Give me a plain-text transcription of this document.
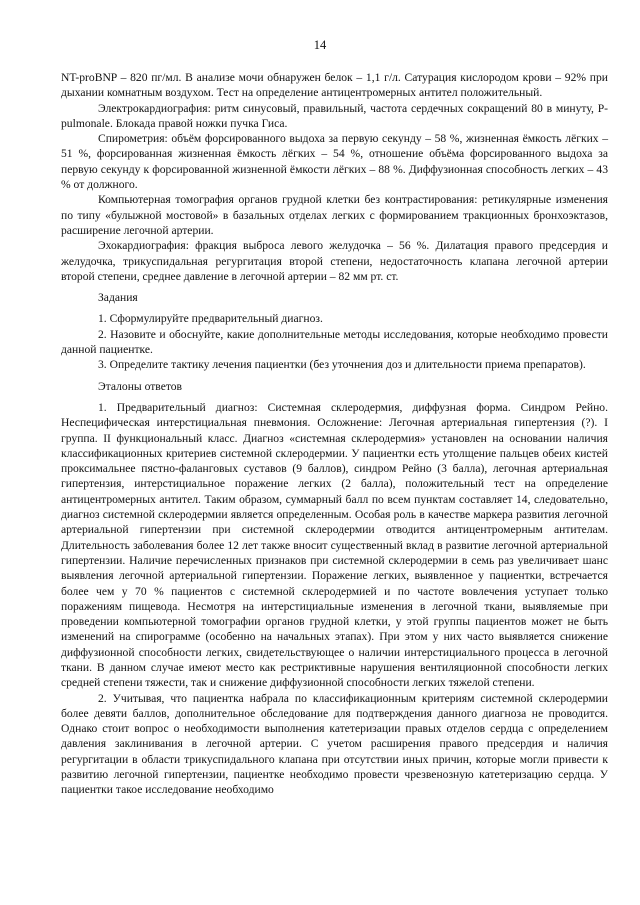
14

NT-proBNP – 820 пг/мл. В анализе мочи обнаружен белок – 1,1 г/л. Сатурация кислородом крови – 92% при дыхании комнатным воздухом. Тест на определение антицентромерных антител положительный.

Электрокардиография: ритм синусовый, правильный, частота сердечных сокращений 80 в минуту, P-pulmonale. Блокада правой ножки пучка Гиса.

Спирометрия: объём форсированного выдоха за первую секунду – 58 %, жизненная ёмкость лёгких – 51 %, форсированная жизненная ёмкость лёгких – 54 %, отношение объёма форсированного выдоха за первую секунду к форсированной жизненной ёмкости лёгких – 88 %. Диффузионная способность легких – 43 % от должного.

Компьютерная томография органов грудной клетки без контрастирования: ретикулярные изменения по типу «булыжной мостовой» в базальных отделах легких с формированием тракционных бронхоэктазов, расширение легочной артерии.

Эхокардиография: фракция выброса левого желудочка – 56 %. Дилатация правого предсердия и желудочка, трикуспидальная регургитация второй степени, недостаточность клапана легочной артерии второй степени, среднее давление в легочной артерии – 82 мм рт. ст.

Задания

1. Сформулируйте предварительный диагноз.

2. Назовите и обоснуйте, какие дополнительные методы исследования, которые необходимо провести данной пациентке.

3. Определите тактику лечения пациентки (без уточнения доз и длительности приема препаратов).

Эталоны ответов

1. Предварительный диагноз: Системная склеродермия, диффузная форма. Синдром Рейно. Неспецифическая интерстициальная пневмония. Осложнение: Легочная артериальная гипертензия (?). I группа. II функциональный класс. Диагноз «системная склеродермия» установлен на основании наличия классификационных критериев системной склеродермии. У пациентки есть утолщение пальцев обеих кистей проксимальнее пястно-фаланговых суставов (9 баллов), синдром Рейно (3 балла), легочная артериальная гипертензия, интерстициальное поражение легких (2 балла), положительный тест на определение антицентромерных антител. Таким образом, суммарный балл по всем пунктам составляет 14, следовательно, диагноз системной склеродермии является определенным. Особая роль в качестве маркера развития легочной артериальной гипертензии при системной склеродермии отводится антицентромерным антителам. Длительность заболевания более 12 лет также вносит существенный вклад в развитие легочной артериальной гипертензии. Наличие перечисленных признаков при системной склеродермии в семь раз увеличивает шанс выявления легочной артериальной гипертензии. Поражение легких, выявленное у пациентки, встречается более чем у 70 % пациентов с системной склеродермией и по частоте вовлечения уступает только поражениям пищевода. Несмотря на интерстициальные изменения в легочной ткани, выявляемые при проведении компьютерной томографии органов грудной клетки, у этой группы пациентов может не быть изменений на спирограмме (особенно на начальных этапах). При этом у них часто выявляется снижение диффузионной способности легких, свидетельствующее о наличии интерстициального процесса в легочной ткани. В данном случае имеют место как рестриктивные нарушения вентиляционной способности легких средней степени тяжести, так и снижение диффузионной способности легких тяжелой степени.

2. Учитывая, что пациентка набрала по классификационным критериям системной склеродермии более девяти баллов, дополнительное обследование для подтверждения данного диагноза не проводится. Однако стоит вопрос о необходимости выполнения катетеризации правых отделов сердца с определением давления заклинивания в легочной артерии. С учетом расширения правого предсердия и наличия регургитации в области трикуспидального клапана при отсутствии иных причин, которые могли привести к развитию легочной гипертензии, пациентке необходимо провести чрезвенозную катетеризацию сердца. У пациентки такое исследование необходимо
